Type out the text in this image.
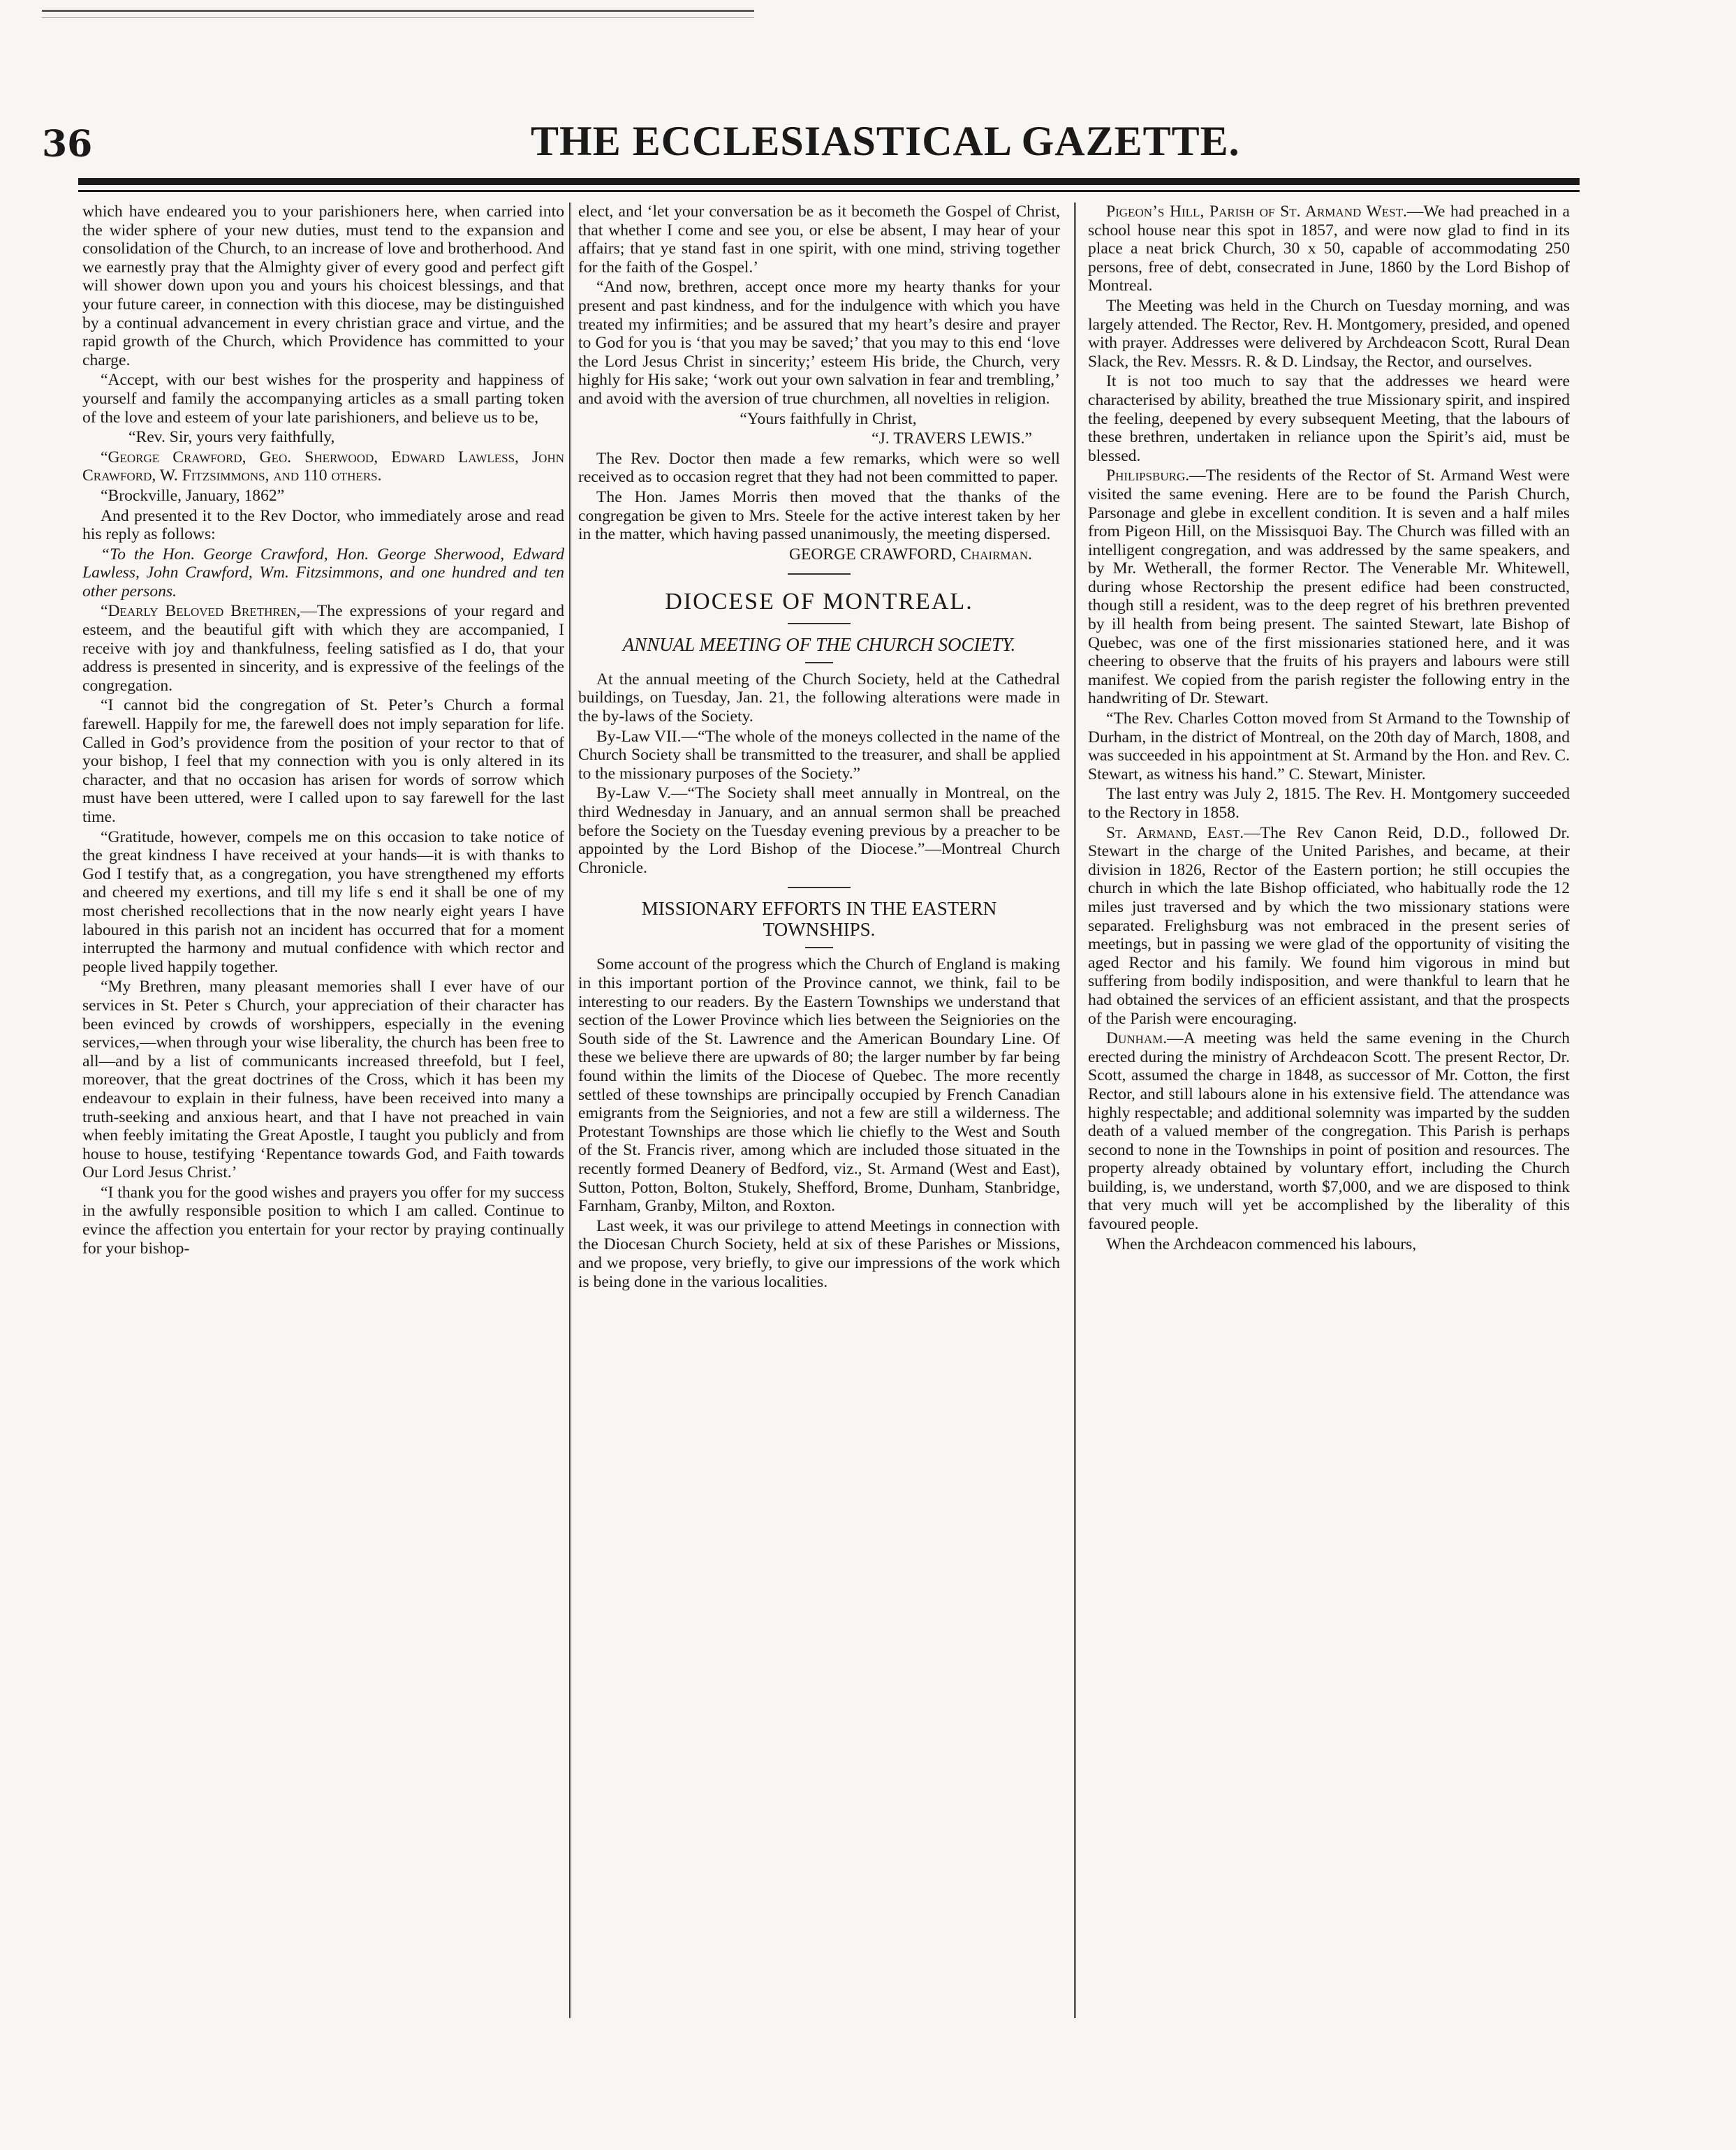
36	THE ECCLESIASTICAL GAZETTE.

which have endeared you to your parishioners here, when carried into the wider sphere of your new duties, must tend to the expansion and consolidation of the Church, to an increase of love and brotherhood. And we earnestly pray that the Almighty giver of every good and perfect gift will shower down upon you and yours his choicest blessings, and that your future career, in connection with this diocese, may be distinguished by a continual advancement in every christian grace and virtue, and the rapid growth of the Church, which Providence has committed to your charge.

“Accept, with our best wishes for the prosperity and happiness of yourself and family the accompanying articles as a small parting token of the love and esteem of your late parishioners, and believe us to be,

“Rev. Sir, yours very faithfully,

“George Crawford, Geo. Sherwood, Edward Lawless, John Crawford, W. Fitzsimmons, and 110 others.

“Brockville, January, 1862”

And presented it to the Rev Doctor, who immediately arose and read his reply as follows:

“To the Hon. George Crawford, Hon. George Sherwood, Edward Lawless, John Crawford, Wm. Fitzsimmons, and one hundred and ten other persons.

“Dearly Beloved Brethren,—The expressions of your regard and esteem, and the beautiful gift with which they are accompanied, I receive with joy and thankfulness, feeling satisfied as I do, that your address is presented in sincerity, and is expressive of the feelings of the congregation.

“I cannot bid the congregation of St. Peter’s Church a formal farewell. Happily for me, the farewell does not imply separation for life. Called in God’s providence from the position of your rector to that of your bishop, I feel that my connection with you is only altered in its character, and that no occasion has arisen for words of sorrow which must have been uttered, were I called upon to say farewell for the last time.

“Gratitude, however, compels me on this occasion to take notice of the great kindness I have received at your hands—it is with thanks to God I testify that, as a congregation, you have strengthened my efforts and cheered my exertions, and till my life s end it shall be one of my most cherished recollections that in the now nearly eight years I have laboured in this parish not an incident has occurred that for a moment interrupted the harmony and mutual confidence with which rector and people lived happily together.

“My Brethren, many pleasant memories shall I ever have of our services in St. Peter s Church, your appreciation of their character has been evinced by crowds of worshippers, especially in the evening services,—when through your wise liberality, the church has been free to all—and by a list of communicants increased threefold, but I feel, moreover, that the great doctrines of the Cross, which it has been my endeavour to explain in their fulness, have been received into many a truth-seeking and anxious heart, and that I have not preached in vain when feebly imitating the Great Apostle, I taught you publicly and from house to house, testifying ‘Repentance towards God, and Faith towards Our Lord Jesus Christ.’

“I thank you for the good wishes and prayers you offer for my success in the awfully responsible position to which I am called. Continue to evince the affection you entertain for your rector by praying continually for your bishop-

elect, and ‘let your conversation be as it becometh the Gospel of Christ, that whether I come and see you, or else be absent, I may hear of your affairs; that ye stand fast in one spirit, with one mind, striving together for the faith of the Gospel.’

“And now, brethren, accept once more my hearty thanks for your present and past kindness, and for the indulgence with which you have treated my infirmities; and be assured that my heart’s desire and prayer to God for you is ‘that you may be saved;’ that you may to this end ‘love the Lord Jesus Christ in sincerity;’ esteem His bride, the Church, very highly for His sake; ‘work out your own salvation in fear and trembling,’ and avoid with the aversion of true churchmen, all novelties in religion.

“Yours faithfully in Christ,

“J. TRAVERS LEWIS.”

The Rev. Doctor then made a few remarks, which were so well received as to occasion regret that they had not been committed to paper.

The Hon. James Morris then moved that the thanks of the congregation be given to Mrs. Steele for the active interest taken by her in the matter, which having passed unanimously, the meeting dispersed.

GEORGE CRAWFORD, Chairman.

DIOCESE OF MONTREAL.
ANNUAL MEETING OF THE CHURCH SOCIETY.

At the annual meeting of the Church Society, held at the Cathedral buildings, on Tuesday, Jan. 21, the following alterations were made in the by-laws of the Society.

By-Law VII.—“The whole of the moneys collected in the name of the Church Society shall be transmitted to the treasurer, and shall be applied to the missionary purposes of the Society.”

By-Law V.—“The Society shall meet annually in Montreal, on the third Wednesday in January, and an annual sermon shall be preached before the Society on the Tuesday evening previous by a preacher to be appointed by the Lord Bishop of the Diocese.”—Montreal Church Chronicle.

MISSIONARY EFFORTS IN THE EASTERN TOWNSHIPS.

Some account of the progress which the Church of England is making in this important portion of the Province cannot, we think, fail to be interesting to our readers. By the Eastern Townships we understand that section of the Lower Province which lies between the Seigniories on the South side of the St. Lawrence and the American Boundary Line. Of these we believe there are upwards of 80; the larger number by far being found within the limits of the Diocese of Quebec. The more recently settled of these townships are principally occupied by French Canadian emigrants from the Seigniories, and not a few are still a wilderness. The Protestant Townships are those which lie chiefly to the West and South of the St. Francis river, among which are included those situated in the recently formed Deanery of Bedford, viz., St. Armand (West and East), Sutton, Potton, Bolton, Stukely, Shefford, Brome, Dunham, Stanbridge, Farnham, Granby, Milton, and Roxton.

Last week, it was our privilege to attend Meetings in connection with the Diocesan Church Society, held at six of these Parishes or Missions, and we propose, very briefly, to give our impressions of the work which is being done in the various localities.

Pigeon’s Hill, Parish of St. Armand West.—We had preached in a school house near this spot in 1857, and were now glad to find in its place a neat brick Church, 30 x 50, capable of accommodating 250 persons, free of debt, consecrated in June, 1860 by the Lord Bishop of Montreal.

The Meeting was held in the Church on Tuesday morning, and was largely attended. The Rector, Rev. H. Montgomery, presided, and opened with prayer. Addresses were delivered by Archdeacon Scott, Rural Dean Slack, the Rev. Messrs. R. & D. Lindsay, the Rector, and ourselves.

It is not too much to say that the addresses we heard were characterised by ability, breathed the true Missionary spirit, and inspired the feeling, deepened by every subsequent Meeting, that the labours of these brethren, undertaken in reliance upon the Spirit’s aid, must be blessed.

Philipsburg.—The residents of the Rector of St. Armand West were visited the same evening. Here are to be found the Parish Church, Parsonage and glebe in excellent condition. It is seven and a half miles from Pigeon Hill, on the Missisquoi Bay. The Church was filled with an intelligent congregation, and was addressed by the same speakers, and by Mr. Wetherall, the former Rector. The Venerable Mr. Whitewell, during whose Rectorship the present edifice had been constructed, though still a resident, was to the deep regret of his brethren prevented by ill health from being present. The sainted Stewart, late Bishop of Quebec, was one of the first missionaries stationed here, and it was cheering to observe that the fruits of his prayers and labours were still manifest. We copied from the parish register the following entry in the handwriting of Dr. Stewart.

“The Rev. Charles Cotton moved from St Armand to the Township of Durham, in the district of Montreal, on the 20th day of March, 1808, and was succeeded in his appointment at St. Armand by the Hon. and Rev. C. Stewart, as witness his hand.” C. Stewart, Minister.

The last entry was July 2, 1815. The Rev. H. Montgomery succeeded to the Rectory in 1858.

St. Armand, East.—The Rev Canon Reid, D.D., followed Dr. Stewart in the charge of the United Parishes, and became, at their division in 1826, Rector of the Eastern portion; he still occupies the church in which the late Bishop officiated, who habitually rode the 12 miles just traversed and by which the two missionary stations were separated. Frelighsburg was not embraced in the present series of meetings, but in passing we were glad of the opportunity of visiting the aged Rector and his family. We found him vigorous in mind but suffering from bodily indisposition, and were thankful to learn that he had obtained the services of an efficient assistant, and that the prospects of the Parish were encouraging.

Dunham.—A meeting was held the same evening in the Church erected during the ministry of Archdeacon Scott. The present Rector, Dr. Scott, assumed the charge in 1848, as successor of Mr. Cotton, the first Rector, and still labours alone in his extensive field. The attendance was highly respectable; and additional solemnity was imparted by the sudden death of a valued member of the congregation. This Parish is perhaps second to none in the Townships in point of position and resources. The property already obtained by voluntary effort, including the Church building, is, we understand, worth $7,000, and we are disposed to think that very much will yet be accomplished by the liberality of this favoured people.

When the Archdeacon commenced his labours,
